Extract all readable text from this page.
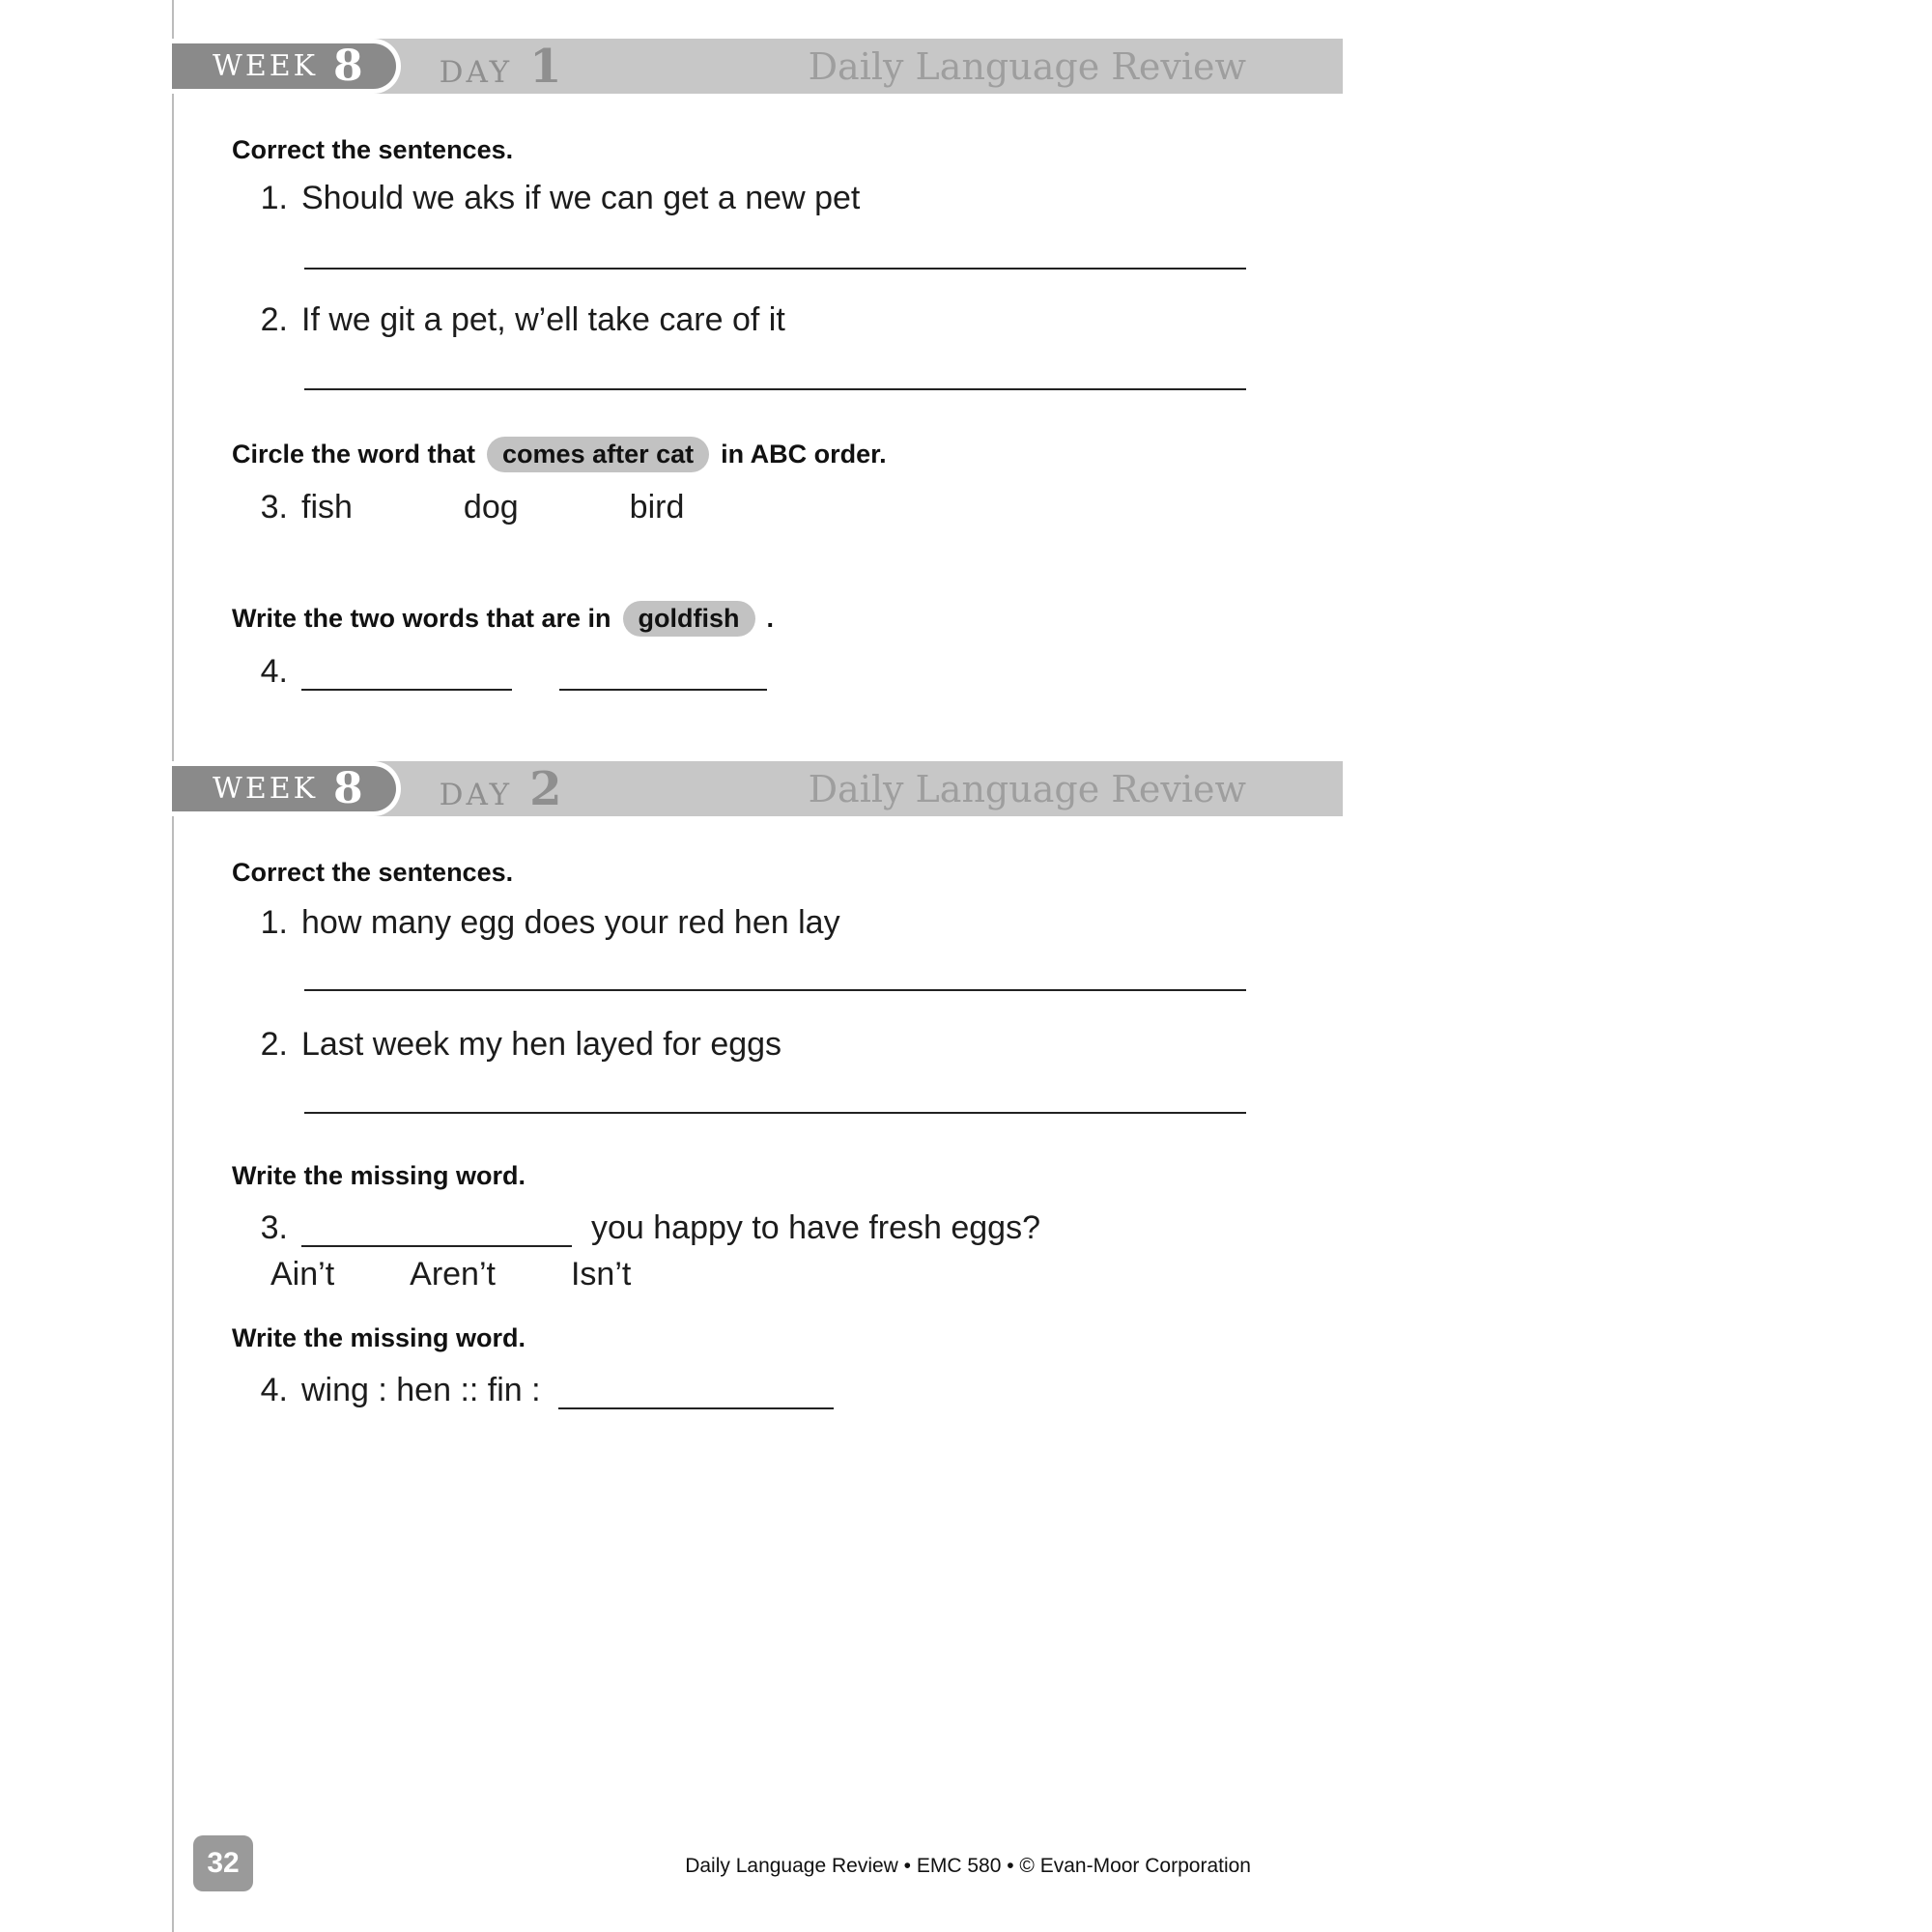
WEEK 8	DAY 1	Daily Language Review
Correct the sentences.
1. Should we aks if we can get a new pet
2. If we git a pet, w’ell take care of it
Circle the word that	comes after cat	in ABC order.
3. fish	dog	bird
Write the two words that are in	goldfish	.
4.
WEEK 8	DAY 2	Daily Language Review
Correct the sentences.
1. how many egg does your red hen lay
2. Last week my hen layed for eggs
Write the missing word.
3.	you happy to have fresh eggs?
Ain’t Aren’t Isn’t
Write the missing word.
4. wing : hen :: fin :
32	Daily Language Review • EMC 580 • © Evan-Moor Corporation
